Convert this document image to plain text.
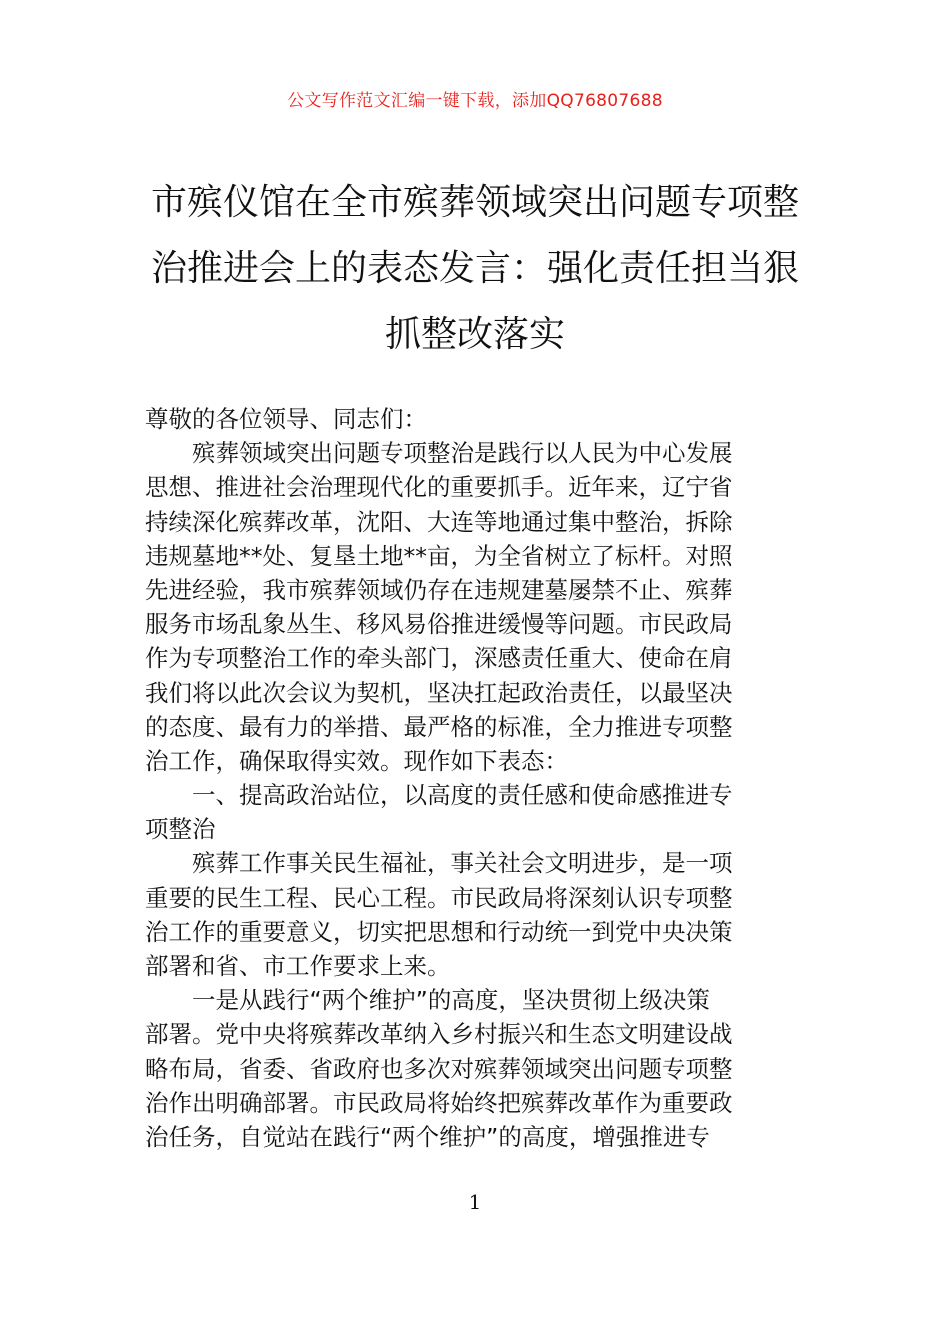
公文写作范文汇编一键下载，添加QQ76807688
市殡仪馆在全市殡葬领域突出问题专项整
治推进会上的表态发言：强化责任担当狠
抓整改落实
尊敬的各位领导、同志们：
殡葬领域突出问题专项整治是践行以人民为中心发展
思想、推进社会治理现代化的重要抓手。近年来，辽宁省
持续深化殡葬改革，沈阳、大连等地通过集中整治，拆除
违规墓地**处、复垦土地**亩，为全省树立了标杆。对照
先进经验，我市殡葬领域仍存在违规建墓屡禁不止、殡葬
服务市场乱象丛生、移风易俗推进缓慢等问题。市民政局
作为专项整治工作的牵头部门，深感责任重大、使命在肩
我们将以此次会议为契机，坚决扛起政治责任，以最坚决
的态度、最有力的举措、最严格的标准，全力推进专项整
治工作，确保取得实效。现作如下表态：
一、提高政治站位，以高度的责任感和使命感推进专
项整治
殡葬工作事关民生福祉，事关社会文明进步，是一项
重要的民生工程、民心工程。市民政局将深刻认识专项整
治工作的重要意义，切实把思想和行动统一到党中央决策
部署和省、市工作要求上来。
一是从践行“两个维护”的高度，坚决贯彻上级决策
部署。党中央将殡葬改革纳入乡村振兴和生态文明建设战
略布局，省委、省政府也多次对殡葬领域突出问题专项整
治作出明确部署。市民政局将始终把殡葬改革作为重要政
治任务，自觉站在践行“两个维护”的高度，增强推进专
1
